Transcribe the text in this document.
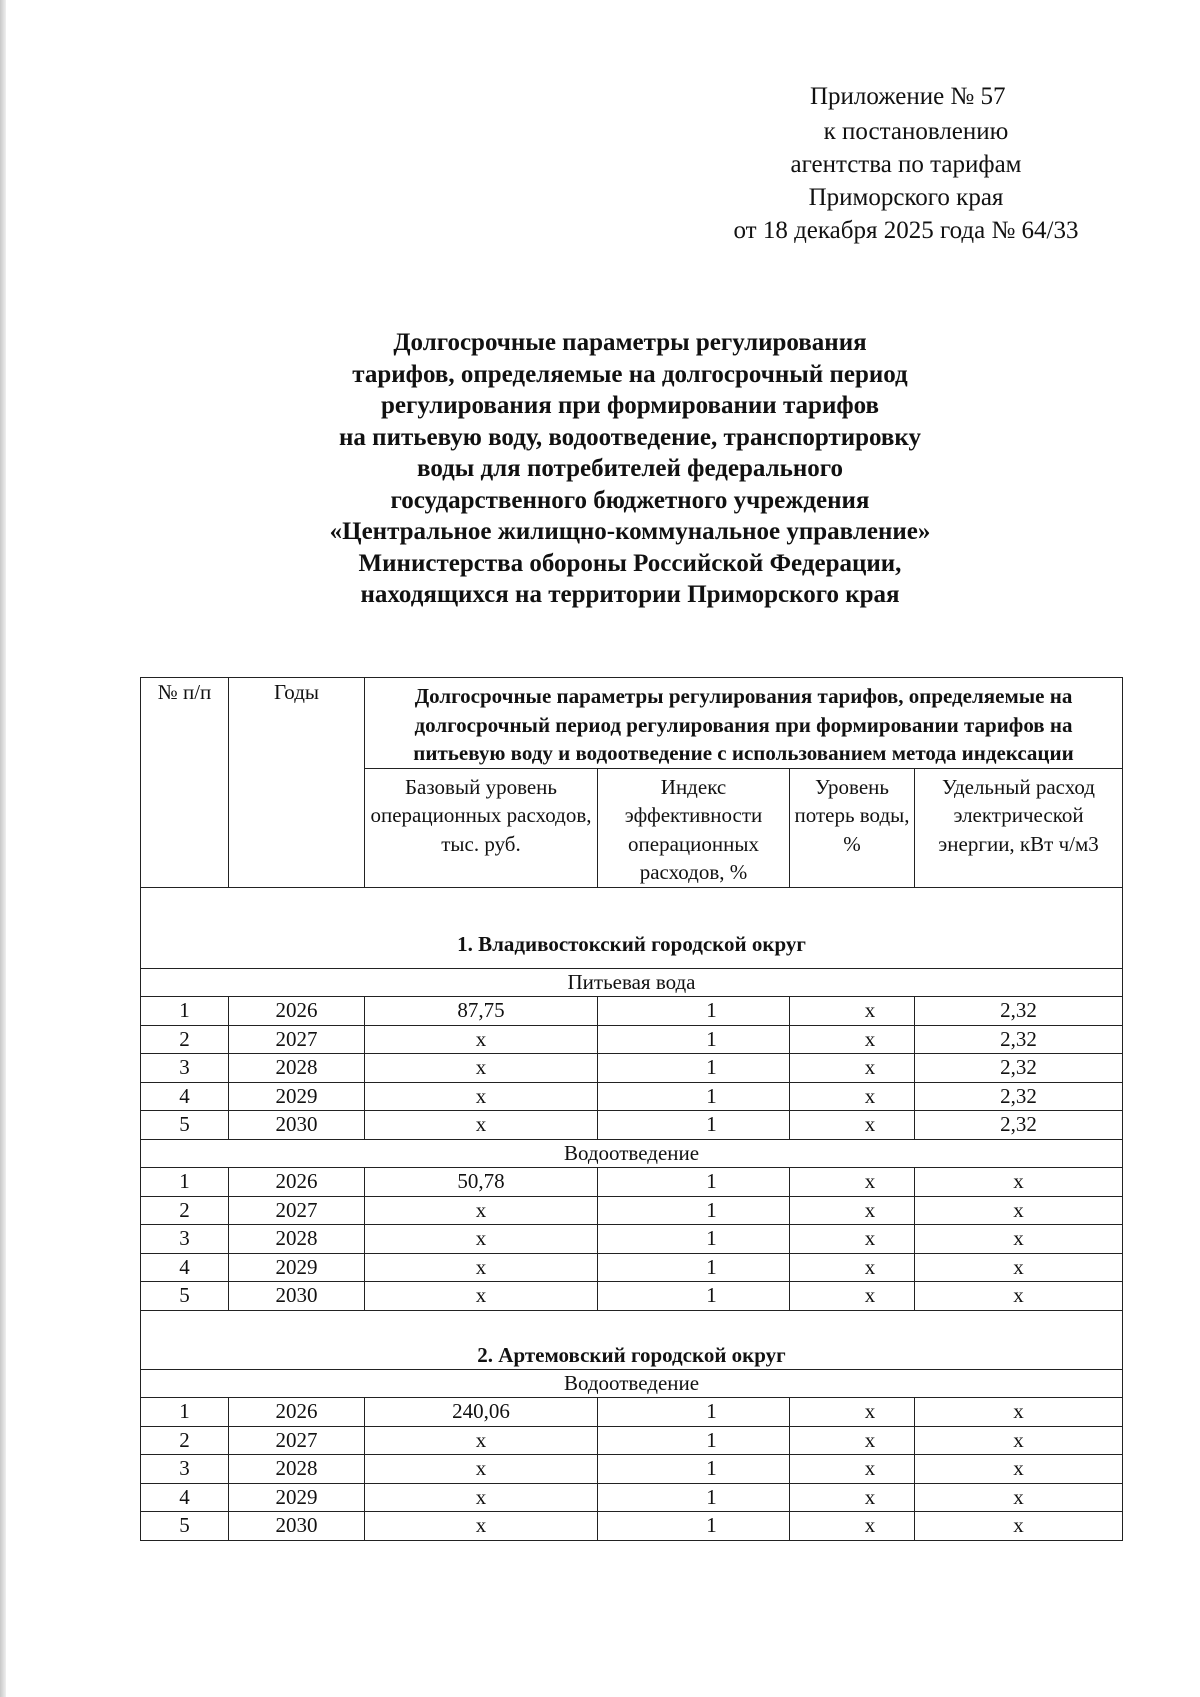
Приложение № 57
к постановлению
агентства по тарифам
Приморского края
от 18 декабря 2025 года № 64/33
Долгосрочные параметры регулирования
тарифов, определяемые на долгосрочный период
регулирования при формировании тарифов
на питьевую воду, водоотведение, транспортировку
воды для потребителей федерального
государственного бюджетного учреждения
«Центральное жилищно-коммунальное управление»
Министерства обороны Российской Федерации,
находящихся на территории Приморского края
№ п/п	Годы	Долгосрочные параметры регулирования тарифов, определяемые на долгосрочный период регулирования при формировании тарифов на питьевую воду и водоотведение с использованием метода индексации			
		Базовый уровень операционных расходов, тыс. руб.	Индекс эффективности операционных расходов, %	Уровень потерь воды, %	Удельный расход электрической энергии, кВт ч/м3
1. Владивостокский городской округ					
Питьевая вода					
1	2026	87,75	1	х	2,32
2	2027	х	1	х	2,32
3	2028	х	1	х	2,32
4	2029	х	1	х	2,32
5	2030	х	1	х	2,32
Водоотведение					
1	2026	50,78	1	х	х
2	2027	х	1	х	х
3	2028	х	1	х	х
4	2029	х	1	х	х
5	2030	х	1	х	х
2. Артемовский городской округ					
Водоотведение					
1	2026	240,06	1	х	х
2	2027	х	1	х	х
3	2028	х	1	х	х
4	2029	х	1	х	х
5	2030	х	1	х	х
